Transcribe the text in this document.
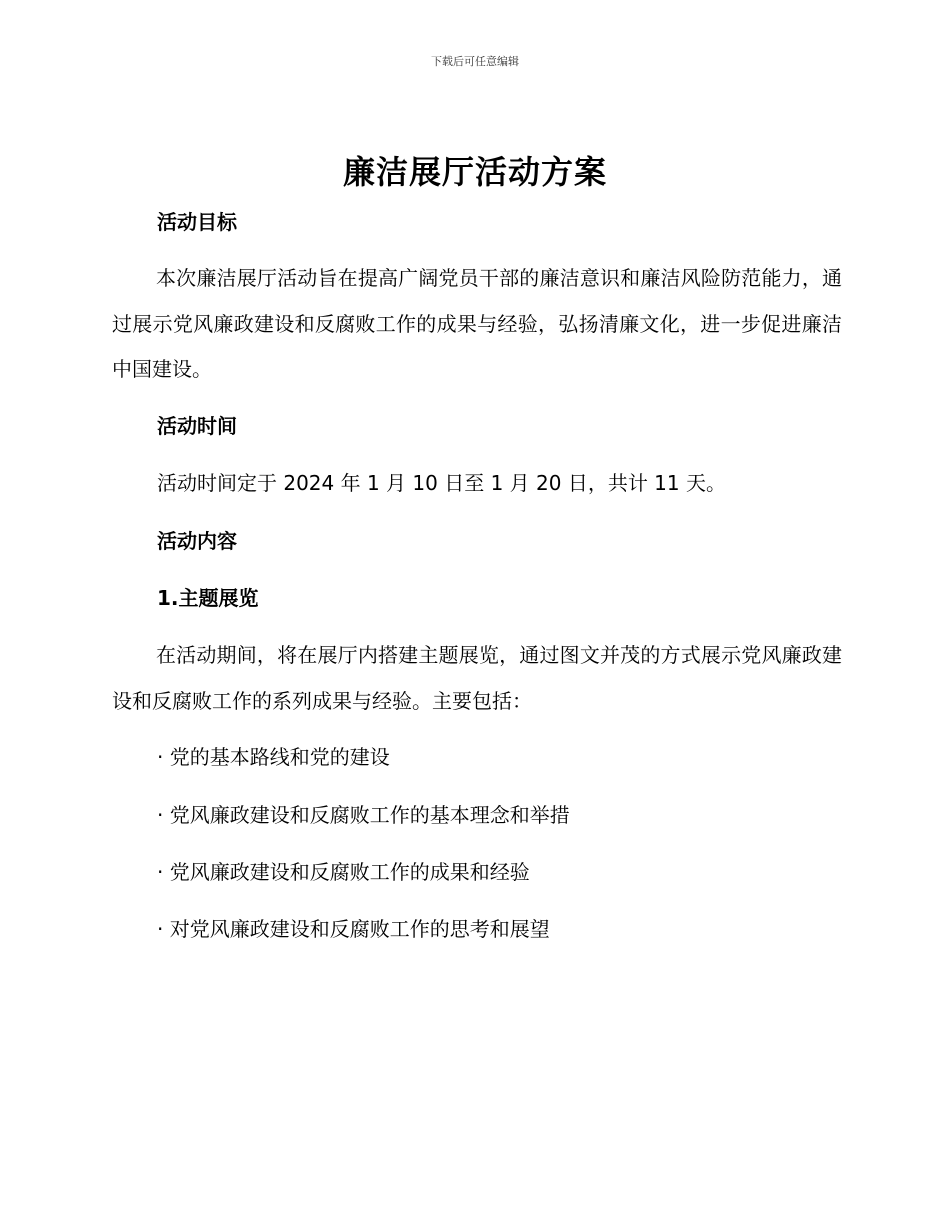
下载后可任意编辑
廉洁展厅活动方案
活动目标
本次廉洁展厅活动旨在提高广阔党员干部的廉洁意识和廉洁风险防范能力，通过展示党风廉政建设和反腐败工作的成果与经验，弘扬清廉文化，进一步促进廉洁中国建设。
活动时间
活动时间定于 2024 年 1 月 10 日至 1 月 20 日，共计 11 天。
活动内容
1.主题展览
在活动期间，将在展厅内搭建主题展览，通过图文并茂的方式展示党风廉政建设和反腐败工作的系列成果与经验。主要包括：
· 党的基本路线和党的建设
· 党风廉政建设和反腐败工作的基本理念和举措
· 党风廉政建设和反腐败工作的成果和经验
· 对党风廉政建设和反腐败工作的思考和展望
